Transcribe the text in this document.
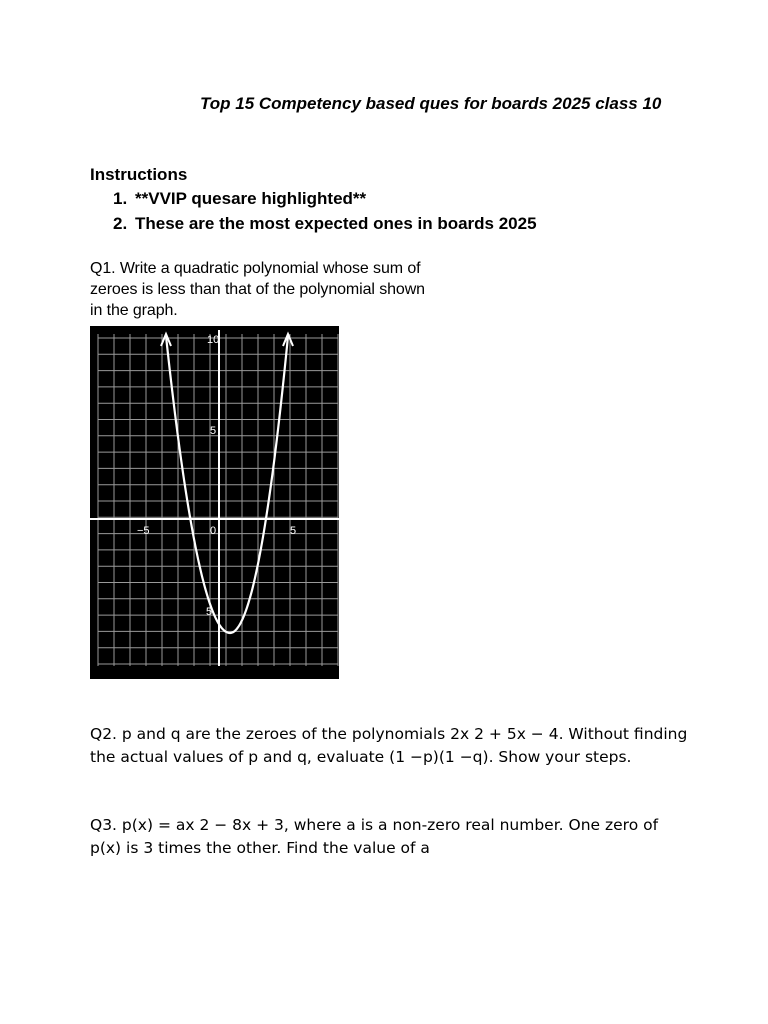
Top 15 Competency based ques for boards 2025 class 10
Instructions
1. **VVIP quesare highlighted**
2. These are the most expected ones in boards 2025
Q1. Write a quadratic polynomial whose sum of zeroes is less than that of the polynomial shown in the graph.
10
5
−5	0	5
5
Q2. p and q are the zeroes of the polynomials 2x 2 + 5x − 4. Without finding the actual values of p and q, evaluate (1 −p)(1 −q). Show your steps.
Q3. p(x) = ax 2 − 8x + 3, where a is a non-zero real number. One zero of p(x) is 3 times the other. Find the value of a
